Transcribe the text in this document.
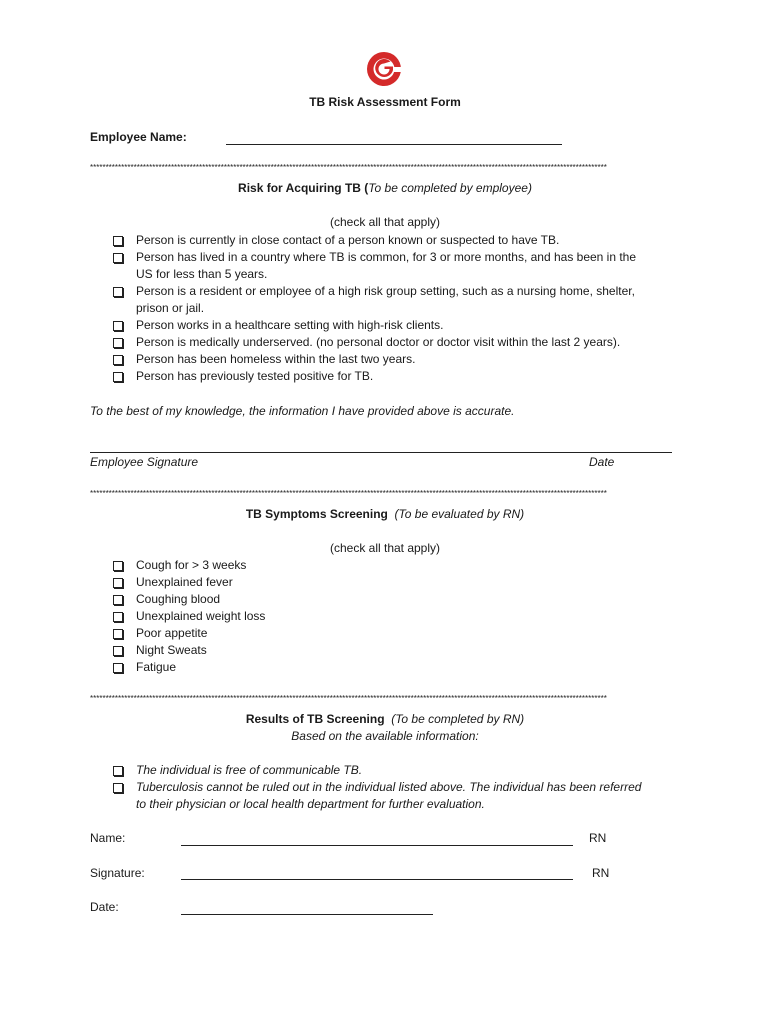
TB Risk Assessment Form
Employee Name:
**********************************************************************************************************************************************************************
Risk for Acquiring TB (To be completed by employee)
(check all that apply)
Person is currently in close contact of a person known or suspected to have TB.
Person has lived in a country where TB is common, for 3 or more months, and has been in the
US for less than 5 years.
Person is a resident or employee of a high risk group setting, such as a nursing home, shelter,
prison or jail.
Person works in a healthcare setting with high-risk clients.
Person is medically underserved. (no personal doctor or doctor visit within the last 2 years).
Person has been homeless within the last two years.
Person has previously tested positive for TB.
To the best of my knowledge, the information I have provided above is accurate.
Employee Signature	Date
**********************************************************************************************************************************************************************
TB Symptoms Screening (To be evaluated by RN)
(check all that apply)
Cough for > 3 weeks
Unexplained fever
Coughing blood
Unexplained weight loss
Poor appetite
Night Sweats
Fatigue
**********************************************************************************************************************************************************************
Results of TB Screening (To be completed by RN)
Based on the available information:
The individual is free of communicable TB.
Tuberculosis cannot be ruled out in the individual listed above. The individual has been referred
to their physician or local health department for further evaluation.
Name:	RN
Signature:	RN
Date:
